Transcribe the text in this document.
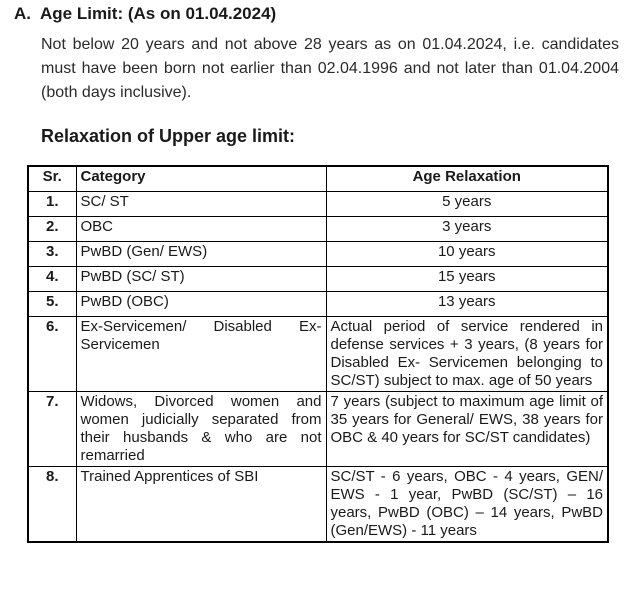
A. Age Limit: (As on 01.04.2024)
Not below 20 years and not above 28 years as on 01.04.2024, i.e. candidates must have been born not earlier than 02.04.1996 and not later than 01.04.2004 (both days inclusive).
Relaxation of Upper age limit:
Sr.	Category	Age Relaxation
1.	SC/ ST	5 years
2.	OBC	3 years
3.	PwBD (Gen/ EWS)	10 years
4.	PwBD (SC/ ST)	15 years
5.	PwBD (OBC)	13 years
6.	Ex-Servicemen/ Disabled Ex-Servicemen	Actual period of service rendered in defense services + 3 years, (8 years for Disabled Ex- Servicemen belonging to SC/ST) subject to max. age of 50 years
7.	Widows, Divorced women and women judicially separated from their husbands & who are not remarried	7 years (subject to maximum age limit of 35 years for General/ EWS, 38 years for OBC & 40 years for SC/ST candidates)
8.	Trained Apprentices of SBI	SC/ST - 6 years, OBC - 4 years, GEN/ EWS - 1 year, PwBD (SC/ST) – 16 years, PwBD (OBC) – 14 years, PwBD (Gen/EWS) - 11 years
